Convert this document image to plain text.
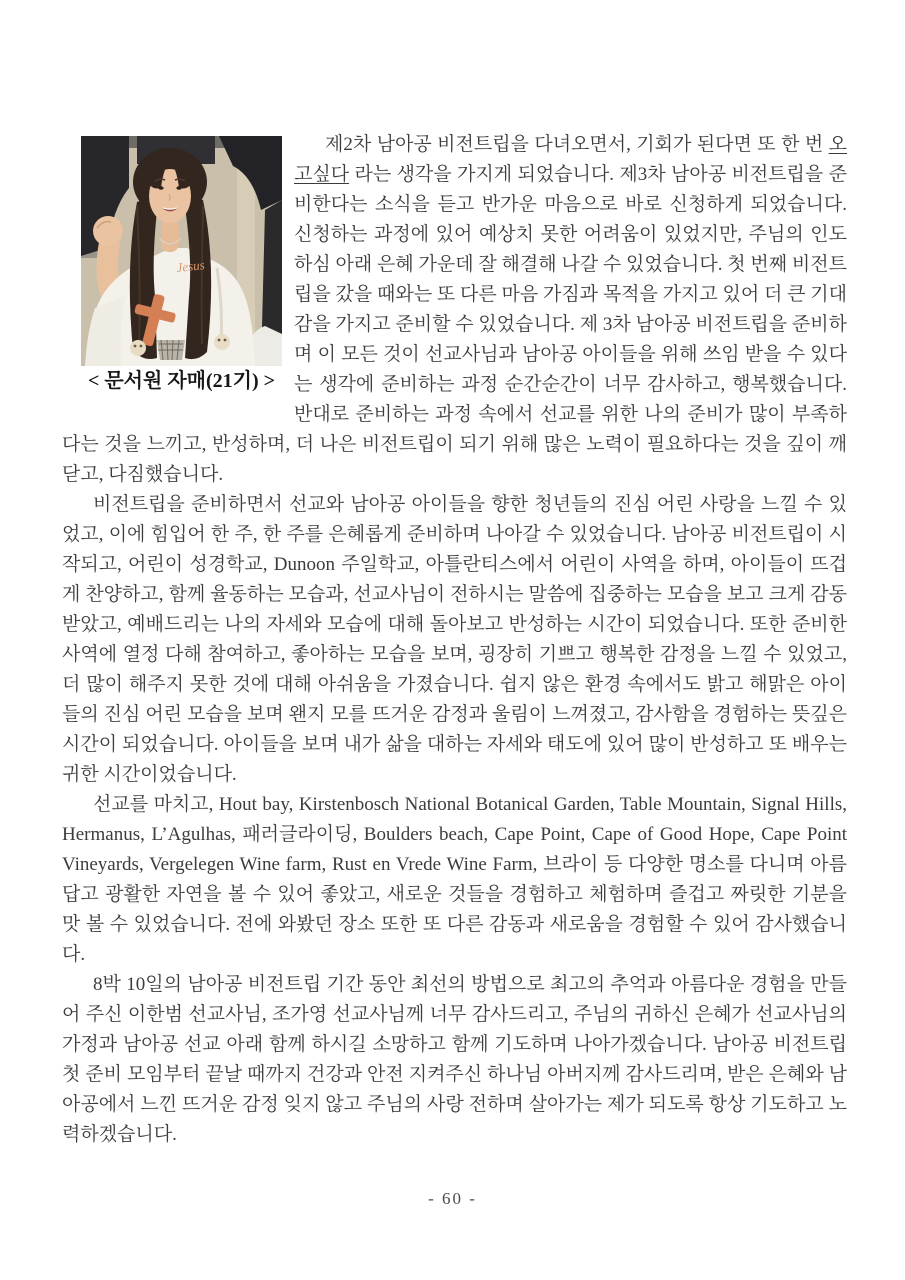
Jesus
< 문서원 자매(21기) >

제2차 남아공 비전트립을 다녀오면서, 기회가 된다면 또 한 번 오고싶다 라는 생각을 가지게 되었습니다. 제3차 남아공 비전트립을 준비한다는 소식을 듣고 반가운 마음으로 바로 신청하게 되었습니다. 신청하는 과정에 있어 예상치 못한 어려움이 있었지만, 주님의 인도 하심 아래 은혜 가운데 잘 해결해 나갈 수 있었습니다. 첫 번째 비전트립을 갔을 때와는 또 다른 마음 가짐과 목적을 가지고 있어 더 큰 기대감을 가지고 준비할 수 있었습니다. 제 3차 남아공 비전트립을 준비하며 이 모든 것이 선교사님과 남아공 아이들을 위해 쓰임 받을 수 있다는 생각에 준비하는 과정 순간순간이 너무 감사하고, 행복했습니다. 반대로 준비하는 과정 속에서 선교를 위한 나의 준비가 많이 부족하다는 것을 느끼고, 반성하며, 더 나은 비전트립이 되기 위해 많은 노력이 필요하다는 것을 깊이 깨닫고, 다짐했습니다.

비전트립을 준비하면서 선교와 남아공 아이들을 향한 청년들의 진심 어린 사랑을 느낄 수 있었고, 이에 힘입어 한 주, 한 주를 은혜롭게 준비하며 나아갈 수 있었습니다. 남아공 비전트립이 시작되고, 어린이 성경학교, Dunoon 주일학교, 아틀란티스에서 어린이 사역을 하며, 아이들이 뜨겁게 찬양하고, 함께 율동하는 모습과, 선교사님이 전하시는 말씀에 집중하는 모습을 보고 크게 감동받았고, 예배드리는 나의 자세와 모습에 대해 돌아보고 반성하는 시간이 되었습니다. 또한 준비한 사역에 열정 다해 참여하고, 좋아하는 모습을 보며, 굉장히 기쁘고 행복한 감정을 느낄 수 있었고, 더 많이 해주지 못한 것에 대해 아쉬움을 가졌습니다. 쉽지 않은 환경 속에서도 밝고 해맑은 아이들의 진심 어린 모습을 보며 왠지 모를 뜨거운 감정과 울림이 느껴졌고, 감사함을 경험하는 뜻깊은 시간이 되었습니다. 아이들을 보며 내가 삶을 대하는 자세와 태도에 있어 많이 반성하고 또 배우는 귀한 시간이었습니다.

선교를 마치고, Hout bay, Kirstenbosch National Botanical Garden, Table Mountain, Signal Hills, Hermanus, L’Agulhas, 패러글라이딩, Boulders beach, Cape Point, Cape of Good Hope, Cape Point Vineyards, Vergelegen Wine farm, Rust en Vrede Wine Farm, 브라이 등 다양한 명소를 다니며 아름답고 광활한 자연을 볼 수 있어 좋았고, 새로운 것들을 경험하고 체험하며 즐겁고 짜릿한 기분을 맛 볼 수 있었습니다. 전에 와봤던 장소 또한 또 다른 감동과 새로움을 경험할 수 있어 감사했습니다.

8박 10일의 남아공 비전트립 기간 동안 최선의 방법으로 최고의 추억과 아름다운 경험을 만들어 주신 이한범 선교사님, 조가영 선교사님께 너무 감사드리고, 주님의 귀하신 은혜가 선교사님의 가정과 남아공 선교 아래 함께 하시길 소망하고 함께 기도하며 나아가겠습니다. 남아공 비전트립 첫 준비 모임부터 끝날 때까지 건강과 안전 지켜주신 하나님 아버지께 감사드리며, 받은 은혜와 남아공에서 느낀 뜨거운 감정 잊지 않고 주님의 사랑 전하며 살아가는 제가 되도록 항상 기도하고 노력하겠습니다.

- 60 -
